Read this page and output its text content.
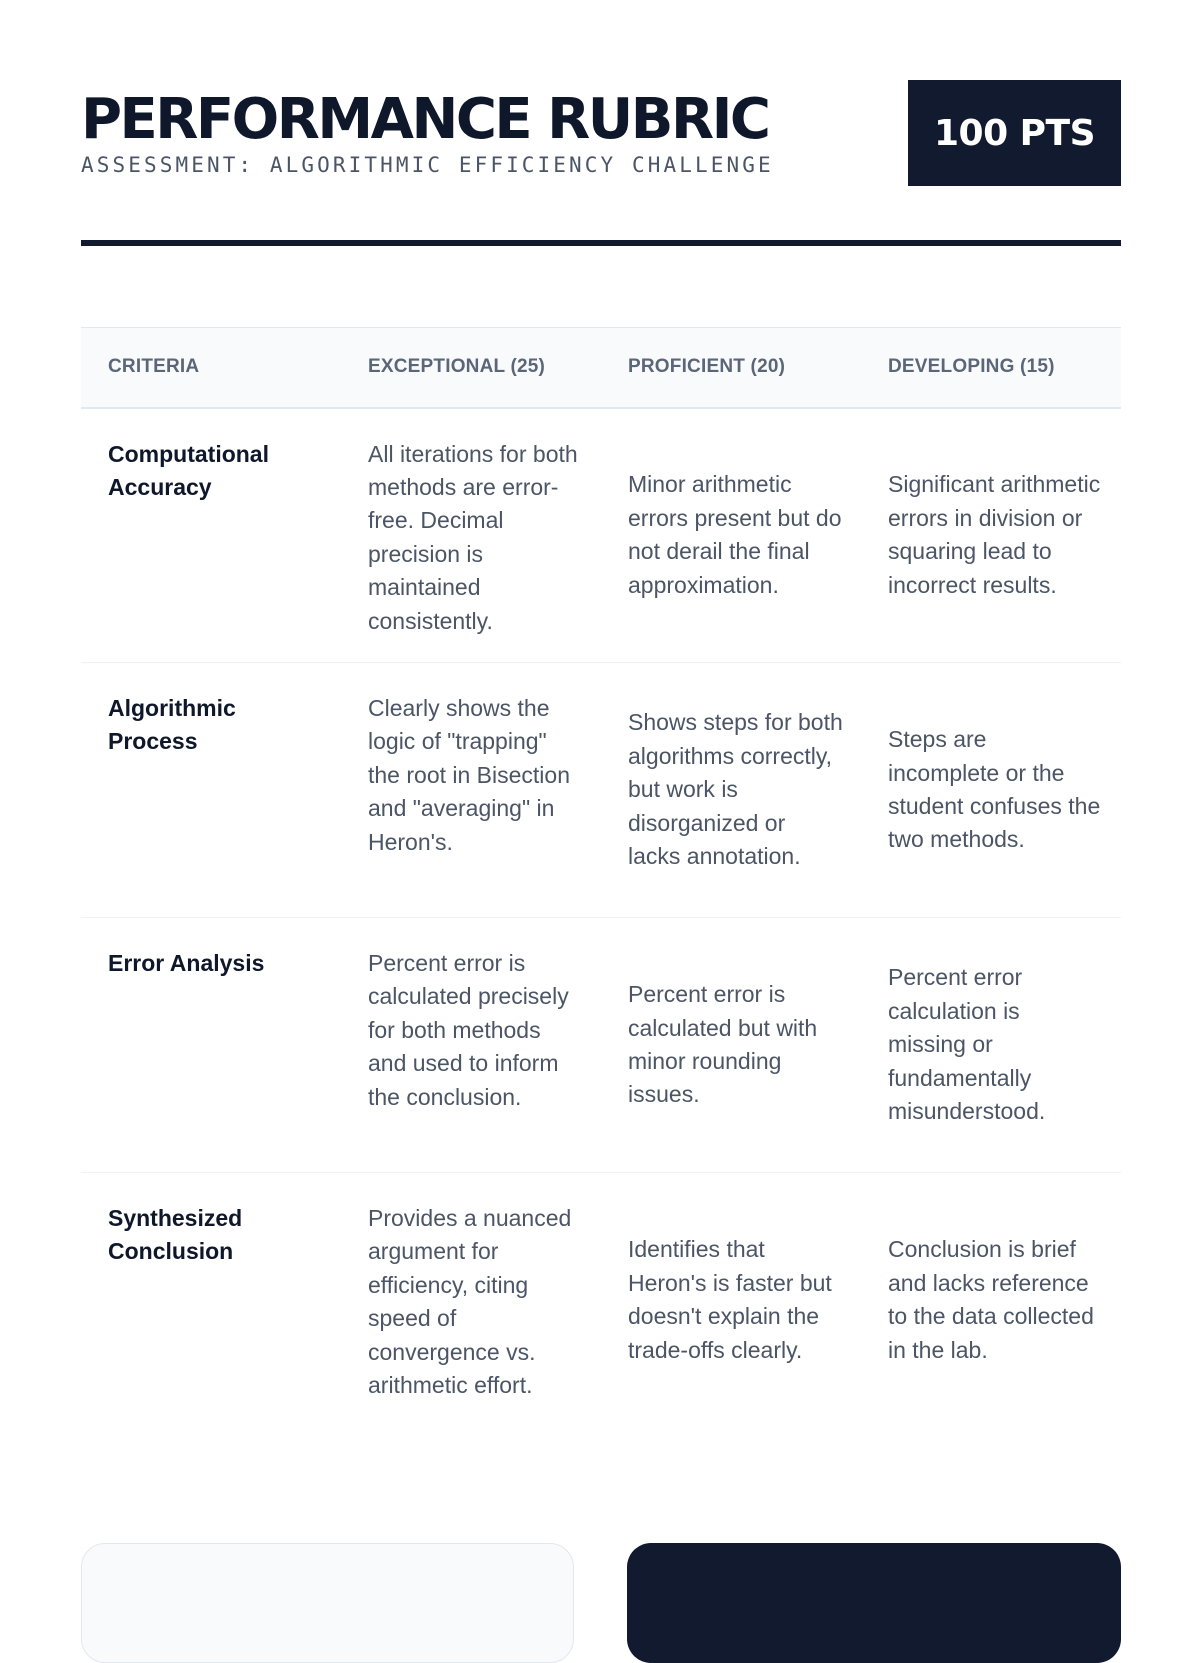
PERFORMANCE RUBRIC
ASSESSMENT: ALGORITHMIC EFFICIENCY CHALLENGE
100 PTS
CRITERIA	EXCEPTIONAL (25)	PROFICIENT (20)	DEVELOPING (15)
Computational Accuracy	All iterations for both methods are error-free. Decimal precision is maintained consistently.	Minor arithmetic errors present but do not derail the final approximation.	Significant arithmetic errors in division or squaring lead to incorrect results.
Algorithmic Process	Clearly shows the logic of "trapping" the root in Bisection and "averaging" in Heron's.	Shows steps for both algorithms correctly, but work is disorganized or lacks annotation.	Steps are incomplete or the student confuses the two methods.
Error Analysis	Percent error is calculated precisely for both methods and used to inform the conclusion.	Percent error is calculated but with minor rounding issues.	Percent error calculation is missing or fundamentally misunderstood.
Synthesized Conclusion	Provides a nuanced argument for efficiency, citing speed of convergence vs. arithmetic effort.	Identifies that Heron's is faster but doesn't explain the trade-offs clearly.	Conclusion is brief and lacks reference to the data collected in the lab.
